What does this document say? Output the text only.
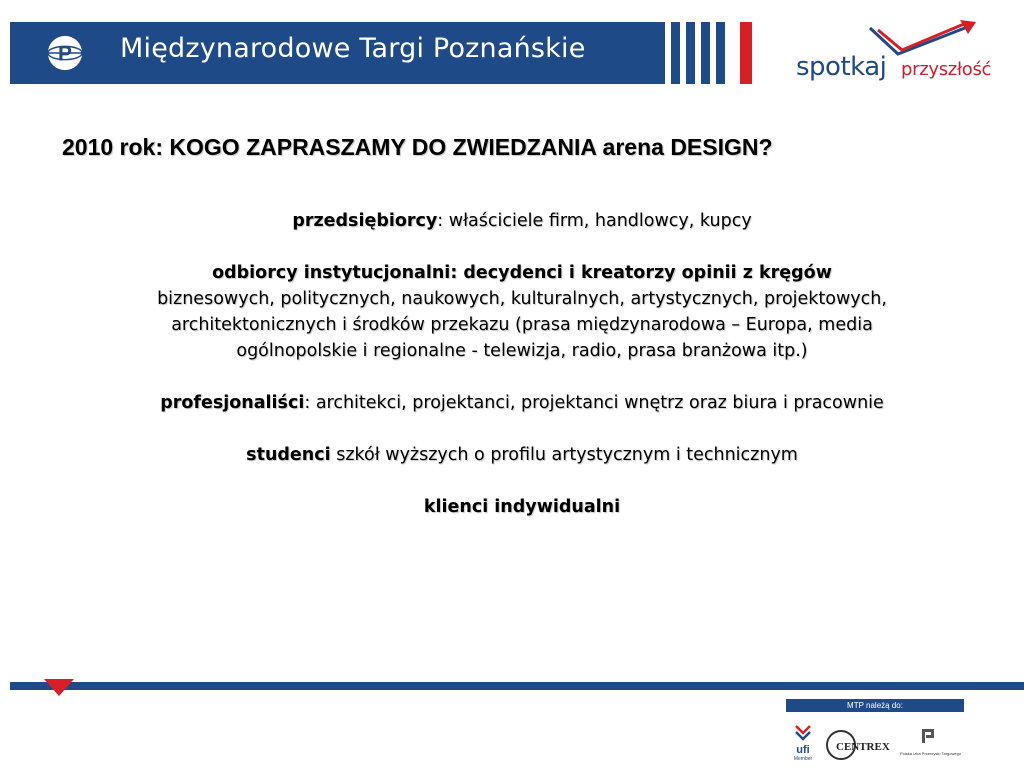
P Międzynarodowe Targi Poznańskie
spotkaj przyszłość
2010 rok: KOGO ZAPRASZAMY DO ZWIEDZANIA arena DESIGN?

przedsiębiorcy: właściciele firm, handlowcy, kupcy

odbiorcy instytucjonalni: decydenci i kreatorzy opinii z kręgów
biznesowych, politycznych, naukowych, kulturalnych, artystycznych, projektowych, architektonicznych i środków przekazu (prasa międzynarodowa – Europa, media ogólnopolskie i regionalne - telewizja, radio, prasa branżowa itp.)

profesjonaliści: architekci, projektanci, projektanci wnętrz oraz biura i pracownie

studenci szkół wyższych o profilu artystycznym i technicznym

klienci indywidualni

MTP należą do:
ufi
Member
CENTREX
Polska Izba Przemysłu Targowego
